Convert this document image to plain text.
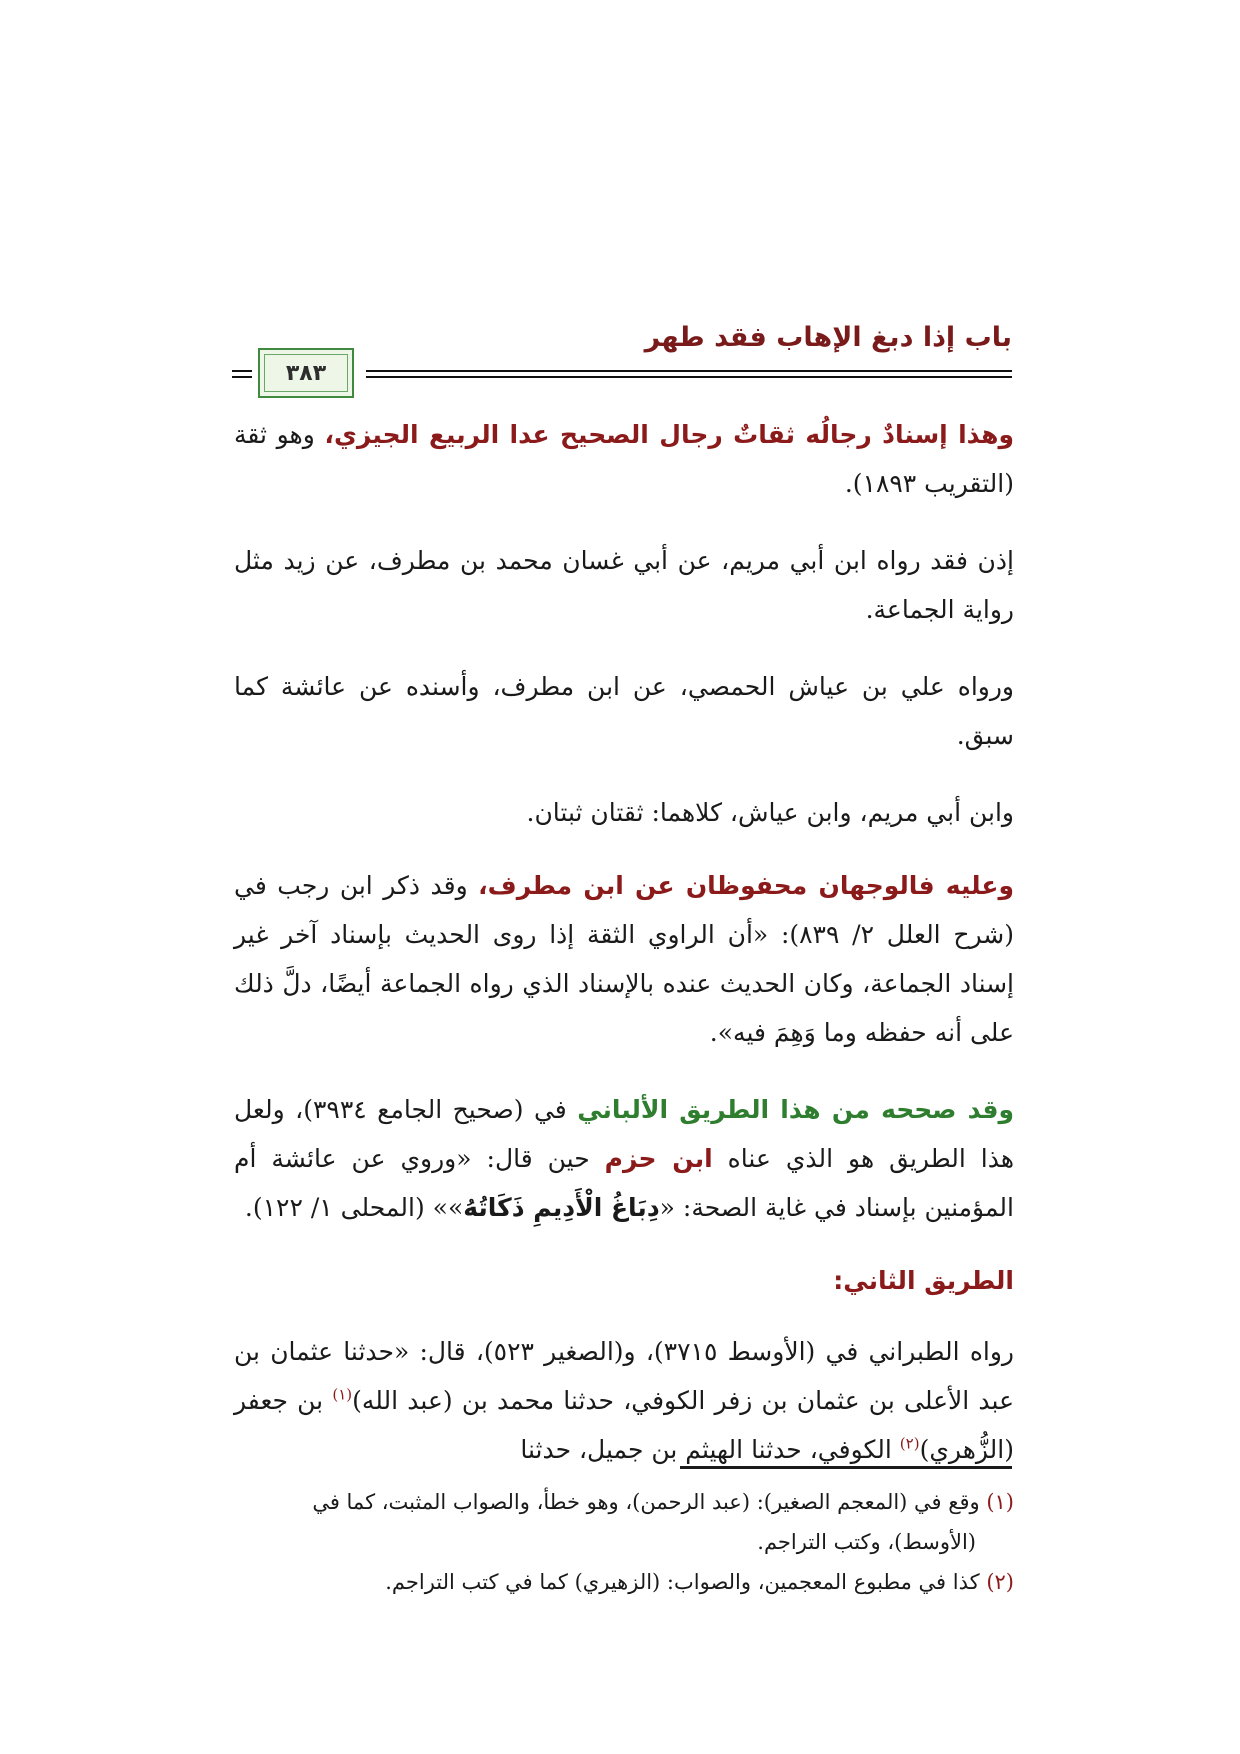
باب إذا دبغ الإهاب فقد طهر
٣٨٣

وهذا إسنادٌ رجالُه ثقاتٌ رجال الصحيح عدا الربيع الجيزي، وهو ثقة (التقريب ١٨٩٣).

إذن فقد رواه ابن أبي مريم، عن أبي غسان محمد بن مطرف، عن زيد مثل رواية الجماعة.

ورواه علي بن عياش الحمصي، عن ابن مطرف، وأسنده عن عائشة كما سبق.

وابن أبي مريم، وابن عياش، كلاهما: ثقتان ثبتان.

وعليه فالوجهان محفوظان عن ابن مطرف، وقد ذكر ابن رجب في (شرح العلل ٢/ ٨٣٩): «أن الراوي الثقة إذا روى الحديث بإسناد آخر غير إسناد الجماعة، وكان الحديث عنده بالإسناد الذي رواه الجماعة أيضًا، دلَّ ذلك على أنه حفظه وما وَهِمَ فيه».

وقد صححه من هذا الطريق الألباني في (صحيح الجامع ٣٩٣٤)، ولعل هذا الطريق هو الذي عناه ابن حزم حين قال: «وروي عن عائشة أم المؤمنين بإسناد في غاية الصحة: «دِبَاغُ الْأَدِيمِ ذَكَاتُهُ»» (المحلى ١/ ١٢٢).

الطريق الثاني:

رواه الطبراني في (الأوسط ٣٧١٥)، و(الصغير ٥٢٣)، قال: «حدثنا عثمان بن عبد الأعلى بن عثمان بن زفر الكوفي، حدثنا محمد بن (عبد الله)$^{(١)}$ بن جعفر (الزُّهري)$^{(٢)}$ الكوفي، حدثنا الهيثم بن جميل، حدثنا

(١) وقع في (المعجم الصغير): (عبد الرحمن)، وهو خطأ، والصواب المثبت، كما في

(الأوسط)، وكتب التراجم.

(٢) كذا في مطبوع المعجمين، والصواب: (الزهيري) كما في كتب التراجم.
